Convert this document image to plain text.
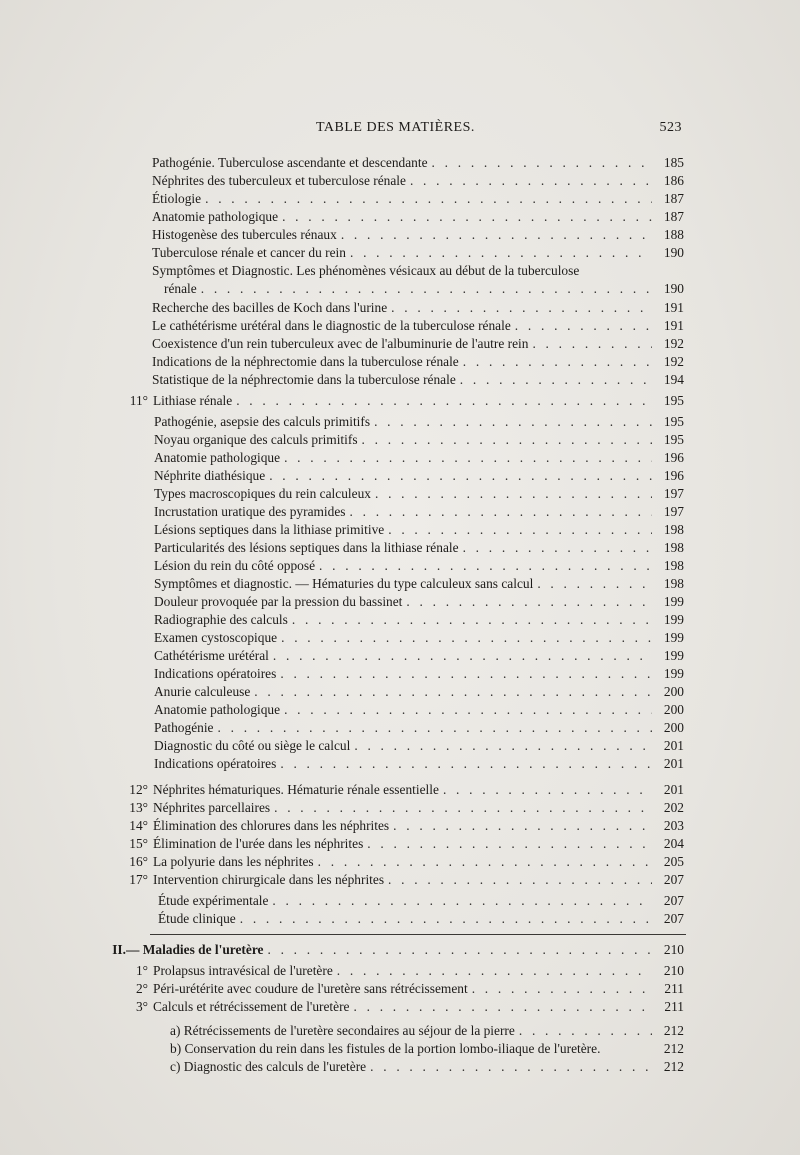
TABLE DES MATIÈRES.	523
Pathogénie. Tuberculose ascendante et descendante . . .	185
Néphrites des tuberculeux et tuberculose rénale . . .	186
Étiologie . . .	187
Anatomie pathologique . . .	187
Histogenèse des tubercules rénaux . . .	188
Tuberculose rénale et cancer du rein . . .	190
Symptômes et Diagnostic. Les phénomènes vésicaux au début de la tuberculose
rénale . . .	190
Recherche des bacilles de Koch dans l'urine . . .	191
Le cathétérisme urétéral dans le diagnostic de la tuberculose rénale . . .	191
Coexistence d'un rein tuberculeux avec de l'albuminurie de l'autre rein . . .	192
Indications de la néphrectomie dans la tuberculose rénale . . .	192
Statistique de la néphrectomie dans la tuberculose rénale . . .	194
11° Lithiase rénale . . .	195
Pathogénie, asepsie des calculs primitifs . . .	195
Noyau organique des calculs primitifs . . .	195
Anatomie pathologique . . .	196
Néphrite diathésique . . .	196
Types macroscopiques du rein calculeux . . .	197
Incrustation uratique des pyramides . . .	197
Lésions septiques dans la lithiase primitive . . .	198
Particularités des lésions septiques dans la lithiase rénale . . .	198
Lésion du rein du côté opposé . . .	198
Symptômes et diagnostic. — Hématuries du type calculeux sans calcul . . .	198
Douleur provoquée par la pression du bassinet . . .	199
Radiographie des calculs . . .	199
Examen cystoscopique . . .	199
Cathétérisme urétéral . . .	199
Indications opératoires . . .	199
Anurie calculeuse . . .	200
Anatomie pathologique . . .	200
Pathogénie . . .	200
Diagnostic du côté ou siège le calcul . . .	201
Indications opératoires . . .	201
12° Néphrites hématuriques. Hématurie rénale essentielle . . .	201
13° Néphrites parcellaires . . .	202
14° Élimination des chlorures dans les néphrites . . .	203
15° Élimination de l'urée dans les néphrites . . .	204
16° La polyurie dans les néphrites . . .	205
17° Intervention chirurgicale dans les néphrites . . .	207
Étude expérimentale . . .	207
Étude clinique . . .	207
II. — Maladies de l'uretère . . .	210
1° Prolapsus intravésical de l'uretère . . .	210
2° Péri-urétérite avec coudure de l'uretère sans rétrécissement . . .	211
3° Calculs et rétrécissement de l'uretère . . .	211
a) Rétrécissements de l'uretère secondaires au séjour de la pierre . . .	212
b) Conservation du rein dans les fistules de la portion lombo-iliaque de l'uretère.	212
c) Diagnostic des calculs de l'uretère . . .	212
